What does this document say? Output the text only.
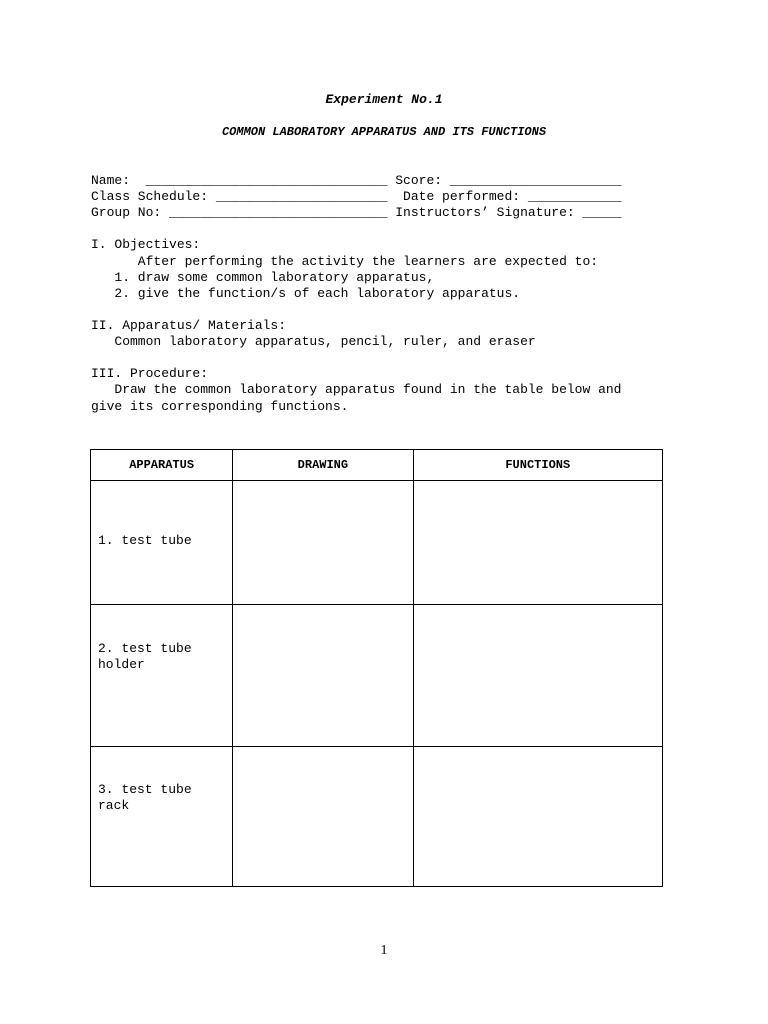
Experiment No.1
COMMON LABORATORY APPARATUS AND ITS FUNCTIONS
Name:  _______________________________ Score: ______________________
Class Schedule: ______________________  Date performed: ____________
Group No: ____________________________ Instructors’ Signature: _____
I. Objectives:
After performing the activity the learners are expected to:
1. draw some common laboratory apparatus,
2. give the function/s of each laboratory apparatus.
II. Apparatus/ Materials:
Common laboratory apparatus, pencil, ruler, and eraser
III. Procedure:
Draw the common laboratory apparatus found in the table below and
give its corresponding functions.
APPARATUS	DRAWING	FUNCTIONS

1. test tube		

2. test tube
holder		

3. test tube
rack		

1
